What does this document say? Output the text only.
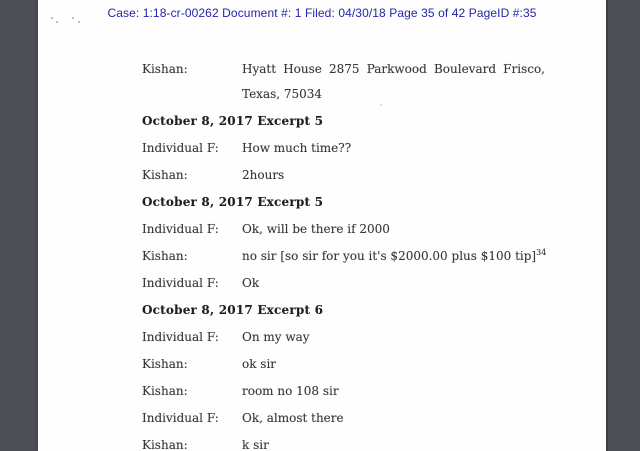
Case: 1:18-cr-00262 Document #: 1 Filed: 04/30/18 Page 35 of 42 PageID #:35
Kishan:	Hyatt House 2875 Parkwood Boulevard Frisco, Texas, 75034
October 8, 2017 Excerpt 5
Individual F: How much time??
Kishan:	2hours
October 8, 2017 Excerpt 5
Individual F: Ok, will be there if 2000
Kishan:	no sir [so sir for you it's $2000.00 plus $100 tip]$^{34}$
Individual F: Ok
October 8, 2017 Excerpt 6
Individual F: On my way
Kishan:	ok sir
Kishan:	room no 108 sir
Individual F: Ok, almost there
Kishan:	k sir
